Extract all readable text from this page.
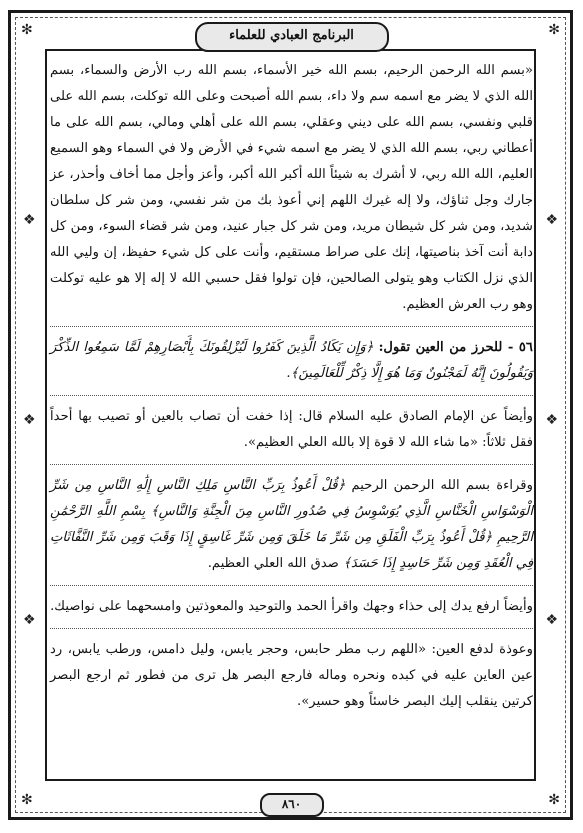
✻	✻
✻	✻
❖
❖
❖
❖
❖
❖
البرنامج العبادي للعلماء

«بسم الله الرحمن الرحيم، بسم الله خير الأسماء، بسم الله رب الأرض والسماء، بسم الله الذي لا يضر مع اسمه سم ولا داء، بسم الله أصبحت وعلى الله توكلت، بسم الله على قلبي ونفسي، بسم الله على ديني وعقلي، بسم الله على أهلي ومالي، بسم الله على ما أعطاني ربي، بسم الله الذي لا يضر مع اسمه شيء في الأرض ولا في السماء وهو السميع العليم، الله الله ربي، لا أشرك به شيئاً الله أكبر الله أكبر، وأعز وأجل مما أخاف وأحذر، عز جارك وجل ثناؤك، ولا إله غيرك اللهم إني أعوذ بك من شر نفسي، ومن شر كل سلطان شديد، ومن شر كل شيطان مريد، ومن شر كل جبار عنيد، ومن شر قضاء السوء، ومن كل دابة أنت آخذ بناصيتها، إنك على صراط مستقيم، وأنت على كل شيء حفيظ، إن وليي الله الذي نزل الكتاب وهو يتولى الصالحين، فإن تولوا فقل حسبي الله لا إله إلا هو عليه توكلت وهو رب العرش العظيم.

٥٦ - للحرز من العين تقول: ﴿وَإِن يَكَادُ الَّذِينَ كَفَرُوا لَيُزْلِقُونَكَ بِأَبْصَارِهِمْ لَمَّا سَمِعُوا الذِّكْرَ وَيَقُولُونَ إِنَّهُ لَمَجْنُونٌ وَمَا هُوَ إِلَّا ذِكْرٌ لِّلْعَالَمِينَ﴾.

وأيضاً عن الإمام الصادق عليه السلام قال: إذا خفت أن تصاب بالعين أو تصيب بها أحداً فقل ثلاثاً: «ما شاء الله لا قوة إلا بالله العلي العظيم».

وقراءة بسم الله الرحمن الرحيم ﴿قُلْ أَعُوذُ بِرَبِّ النَّاسِ مَلِكِ النَّاسِ إِلَٰهِ النَّاسِ مِن شَرِّ الْوَسْوَاسِ الْخَنَّاسِ الَّذِي يُوَسْوِسُ فِي صُدُورِ النَّاسِ مِنَ الْجِنَّةِ وَالنَّاسِ﴾ بِسْمِ اللَّهِ الرَّحْمَٰنِ الرَّحِيمِ ﴿قُلْ أَعُوذُ بِرَبِّ الْفَلَقِ مِن شَرِّ مَا خَلَقَ وَمِن شَرِّ غَاسِقٍ إِذَا وَقَبَ وَمِن شَرِّ النَّفَّاثَاتِ فِي الْعُقَدِ وَمِن شَرِّ حَاسِدٍ إِذَا حَسَدَ﴾ صدق الله العلي العظيم.

وأيضاً ارفع يدك إلى حذاء وجهك واقرأ الحمد والتوحيد والمعوذتين وامسحهما على نواصيك.

وعوذة لدفع العين: «اللهم رب مطر حابس، وحجر يابس، وليل دامس، ورطب يابس، رد عين العاين عليه في كبده ونحره وماله فارجع البصر هل ترى من فطور ثم ارجع البصر كرتين ينقلب إليك البصر خاسئاً وهو حسير».

٨٦٠
